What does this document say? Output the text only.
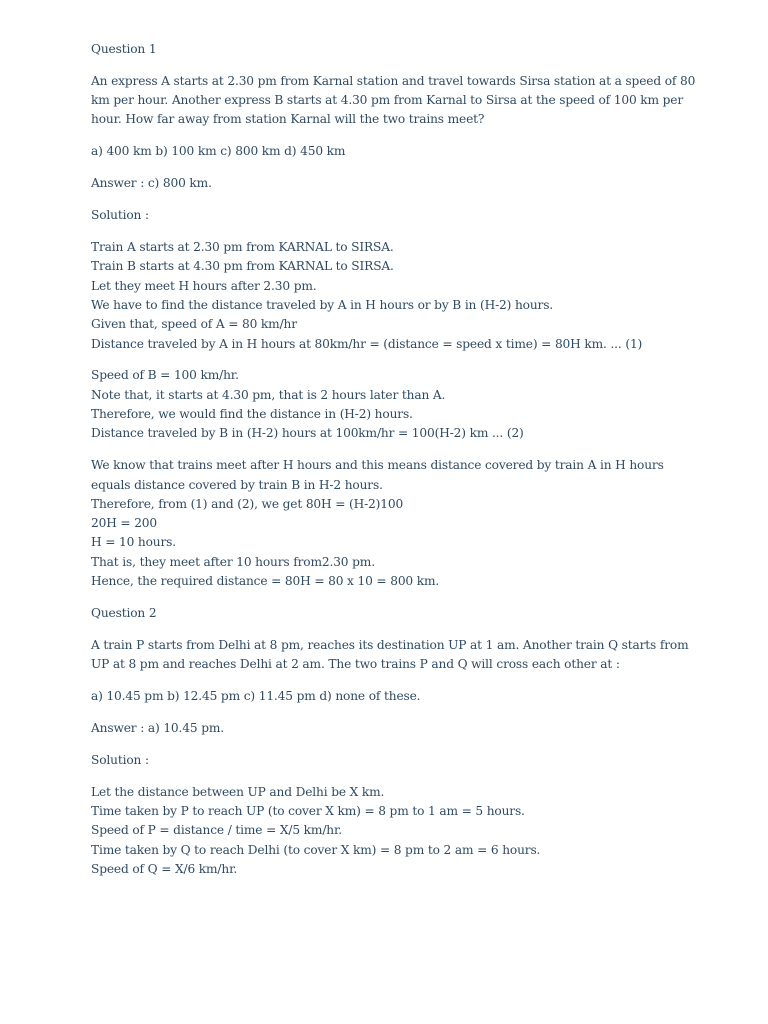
Question 1
An express A starts at 2.30 pm from Karnal station and travel towards Sirsa station at a speed of 80
km per hour. Another express B starts at 4.30 pm from Karnal to Sirsa at the speed of 100 km per
hour. How far away from station Karnal will the two trains meet?
a) 400 km b) 100 km c) 800 km d) 450 km
Answer : c) 800 km.
Solution :
Train A starts at 2.30 pm from KARNAL to SIRSA.
Train B starts at 4.30 pm from KARNAL to SIRSA.
Let they meet H hours after 2.30 pm.
We have to find the distance traveled by A in H hours or by B in (H-2) hours.
Given that, speed of A = 80 km/hr
Distance traveled by A in H hours at 80km/hr = (distance = speed x time) = 80H km. ... (1)
Speed of B = 100 km/hr.
Note that, it starts at 4.30 pm, that is 2 hours later than A.
Therefore, we would find the distance in (H-2) hours.
Distance traveled by B in (H-2) hours at 100km/hr = 100(H-2) km ... (2)
We know that trains meet after H hours and this means distance covered by train A in H hours
equals distance covered by train B in H-2 hours.
Therefore, from (1) and (2), we get 80H = (H-2)100
20H = 200
H = 10 hours.
That is, they meet after 10 hours from2.30 pm.
Hence, the required distance = 80H = 80 x 10 = 800 km.
Question 2
A train P starts from Delhi at 8 pm, reaches its destination UP at 1 am. Another train Q starts from
UP at 8 pm and reaches Delhi at 2 am. The two trains P and Q will cross each other at :
a) 10.45 pm b) 12.45 pm c) 11.45 pm d) none of these.
Answer : a) 10.45 pm.
Solution :
Let the distance between UP and Delhi be X km.
Time taken by P to reach UP (to cover X km) = 8 pm to 1 am = 5 hours.
Speed of P = distance / time = X/5 km/hr.
Time taken by Q to reach Delhi (to cover X km) = 8 pm to 2 am = 6 hours.
Speed of Q = X/6 km/hr.
